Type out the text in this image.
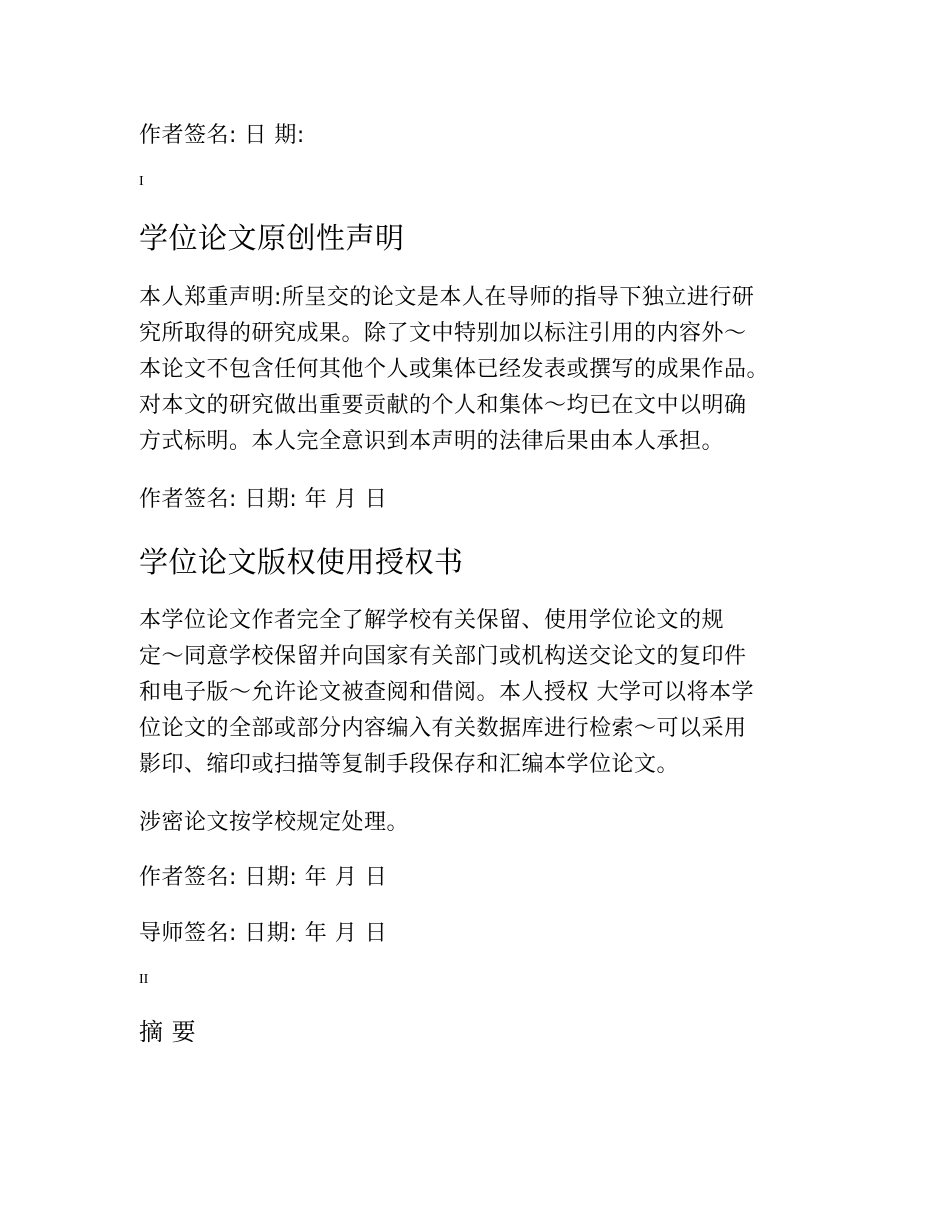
作者签名: 日 期:
I
学位论文原创性声明
本人郑重声明:所呈交的论文是本人在导师的指导下独立进行研
究所取得的研究成果。除了文中特别加以标注引用的内容外～
本论文不包含任何其他个人或集体已经发表或撰写的成果作品。
对本文的研究做出重要贡献的个人和集体～均已在文中以明确
方式标明。本人完全意识到本声明的法律后果由本人承担。
作者签名: 日期: 年 月 日
学位论文版权使用授权书
本学位论文作者完全了解学校有关保留、使用学位论文的规
定～同意学校保留并向国家有关部门或机构送交论文的复印件
和电子版～允许论文被查阅和借阅。本人授权 大学可以将本学
位论文的全部或部分内容编入有关数据库进行检索～可以采用
影印、缩印或扫描等复制手段保存和汇编本学位论文。
涉密论文按学校规定处理。
作者签名: 日期: 年 月 日
导师签名: 日期: 年 月 日
II
摘 要
